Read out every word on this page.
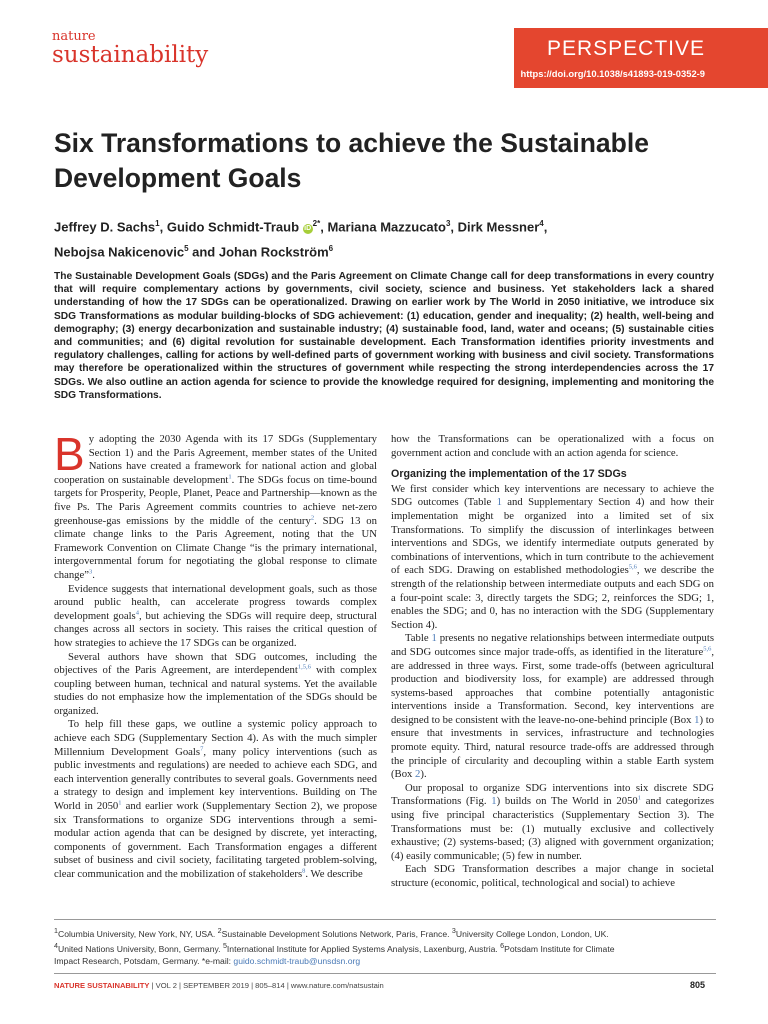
nature
sustainability	PERSPECTIVE
https://doi.org/10.1038/s41893-019-0352-9
Six Transformations to achieve the Sustainable Development Goals
Jeffrey D. Sachs$^1$, Guido Schmidt-Traub $iD^{2*}$, Mariana Mazzucato$^3$, Dirk Messner$^4$,
Nebojsa Nakicenovic$^5$ and Johan Rockström$^6$
The Sustainable Development Goals (SDGs) and the Paris Agreement on Climate Change call for deep transformations in every country that will require complementary actions by governments, civil society, science and business. Yet stakeholders lack a shared understanding of how the 17 SDGs can be operationalized. Drawing on earlier work by The World in 2050 initiative, we introduce six SDG Transformations as modular building-blocks of SDG achievement: (1) education, gender and inequality; (2) health, well-being and demography; (3) energy decarbonization and sustainable industry; (4) sustainable food, land, water and oceans; (5) sustainable cities and communities; and (6) digital revolution for sustainable development. Each Transformation identifies priority investments and regulatory challenges, calling for actions by well-defined parts of government working with business and civil society. Transformations may therefore be operationalized within the structures of government while respecting the strong interdependencies across the 17 SDGs. We also outline an action agenda for science to provide the knowledge required for designing, implementing and monitoring the SDG Transformations.

By adopting the 2030 Agenda with its 17 SDGs (Supplementary Section 1) and the Paris Agreement, member states of the United Nations have created a framework for national action and global cooperation on sustainable development$^1$. The SDGs focus on time-bound targets for Prosperity, People, Planet, Peace and Partnership—known as the five Ps. The Paris Agreement commits countries to achieve net-zero greenhouse-gas emissions by the middle of the century$^2$. SDG 13 on climate change links to the Paris Agreement, noting that the UN Framework Convention on Climate Change “is the primary international, intergovernmental forum for negotiating the global response to climate change”$^3$.

Evidence suggests that international development goals, such as those around public health, can accelerate progress towards complex development goals$^4$, but achieving the SDGs will require deep, structural changes across all sectors in society. This raises the critical question of how strategies to achieve the 17 SDGs can be organized.

Several authors have shown that SDG outcomes, including the objectives of the Paris Agreement, are interdependent$^{1,5,6}$ with complex coupling between human, technical and natural systems. Yet the available studies do not emphasize how the implementation of the SDGs should be organized.

To help fill these gaps, we outline a systemic policy approach to achieve each SDG (Supplementary Section 4). As with the much simpler Millennium Development Goals$^7$, many policy interventions (such as public investments and regulations) are needed to achieve each SDG, and each intervention generally contributes to several goals. Governments need a strategy to design and implement key interventions. Building on The World in 2050$^1$ and earlier work (Supplementary Section 2), we propose six Transformations to organize SDG interventions through a semi-modular action agenda that can be designed by discrete, yet interacting, components of government. Each Transformation engages a different subset of business and civil society, facilitating targeted problem-solving, clear communication and the mobilization of stakeholders$^8$. We describe

how the Transformations can be operationalized with a focus on government action and conclude with an action agenda for science.

Organizing the implementation of the 17 SDGs

We first consider which key interventions are necessary to achieve the SDG outcomes (Table 1 and Supplementary Section 4) and how their implementation might be organized into a limited set of six Transformations. To simplify the discussion of interlinkages between interventions and SDGs, we identify intermediate outputs generated by combinations of interventions, which in turn contribute to the achievement of each SDG. Drawing on established methodologies$^{5,6}$, we describe the strength of the relationship between intermediate outputs and each SDG on a four-point scale: 3, directly targets the SDG; 2, reinforces the SDG; 1, enables the SDG; and 0, has no interaction with the SDG (Supplementary Section 4).

Table 1 presents no negative relationships between intermediate outputs and SDG outcomes since major trade-offs, as identified in the literature$^{5,6}$, are addressed in three ways. First, some trade-offs (between agricultural production and biodiversity loss, for example) are addressed through systems-based approaches that combine potentially antagonistic interventions inside a Transformation. Second, key interventions are designed to be consistent with the leave-no-one-behind principle (Box 1) to ensure that investments in services, infrastructure and technologies promote equity. Third, natural resource trade-offs are addressed through the principle of circularity and decoupling within a stable Earth system (Box 2).

Our proposal to organize SDG interventions into six discrete SDG Transformations (Fig. 1) builds on The World in 2050$^1$ and categorizes using five principal characteristics (Supplementary Section 3). The Transformations must be: (1) mutually exclusive and collectively exhaustive; (2) systems-based; (3) aligned with government organization; (4) easily communicable; (5) few in number.

Each SDG Transformation describes a major change in societal structure (economic, political, technological and social) to achieve

$^1$Columbia University, New York, NY, USA. $^2$Sustainable Development Solutions Network, Paris, France. $^3$University College London, London, UK.
$^4$United Nations University, Bonn, Germany. $^5$International Institute for Applied Systems Analysis, Laxenburg, Austria. $^6$Potsdam Institute for Climate
Impact Research, Potsdam, Germany. *e-mail: guido.schmidt-traub@unsdsn.org
NATURE SUSTAINABILITY | VOL 2 | SEPTEMBER 2019 | 805–814 | www.nature.com/natsustain	805
